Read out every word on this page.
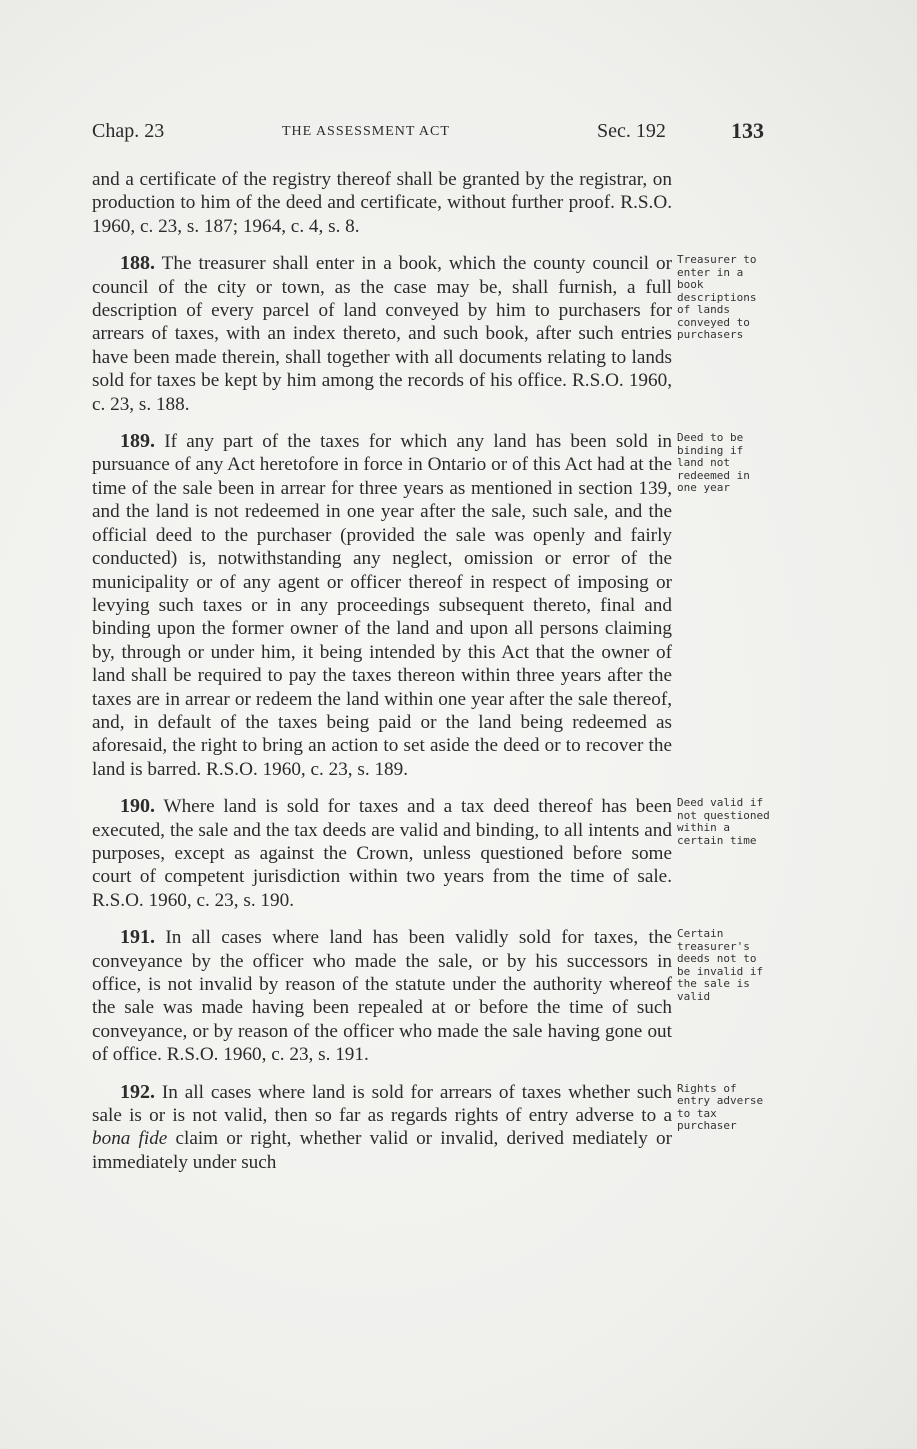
Chap. 23	THE ASSESSMENT ACT	Sec. 192	133

and a certificate of the registry thereof shall be granted by the registrar, on production to him of the deed and certificate, without further proof. R.S.O. 1960, c. 23, s. 187; 1964, c. 4, s. 8.

188. The treasurer shall enter in a book, which the county council or council of the city or town, as the case may be, shall furnish, a full description of every parcel of land conveyed by him to purchasers for arrears of taxes, with an index thereto, and such book, after such entries have been made therein, shall together with all documents relating to lands sold for taxes be kept by him among the records of his office. R.S.O. 1960, c. 23, s. 188.

189. If any part of the taxes for which any land has been sold in pursuance of any Act heretofore in force in Ontario or of this Act had at the time of the sale been in arrear for three years as mentioned in section 139, and the land is not redeemed in one year after the sale, such sale, and the official deed to the purchaser (provided the sale was openly and fairly conducted) is, notwithstanding any neglect, omission or error of the municipality or of any agent or officer thereof in respect of imposing or levying such taxes or in any proceedings subsequent thereto, final and binding upon the former owner of the land and upon all persons claiming by, through or under him, it being intended by this Act that the owner of land shall be required to pay the taxes thereon within three years after the taxes are in arrear or redeem the land within one year after the sale thereof, and, in default of the taxes being paid or the land being redeemed as aforesaid, the right to bring an action to set aside the deed or to recover the land is barred. R.S.O. 1960, c. 23, s. 189.

190. Where land is sold for taxes and a tax deed thereof has been executed, the sale and the tax deeds are valid and binding, to all intents and purposes, except as against the Crown, unless questioned before some court of competent jurisdiction within two years from the time of sale. R.S.O. 1960, c. 23, s. 190.

191. In all cases where land has been validly sold for taxes, the conveyance by the officer who made the sale, or by his successors in office, is not invalid by reason of the statute under the authority whereof the sale was made having been repealed at or before the time of such conveyance, or by reason of the officer who made the sale having gone out of office. R.S.O. 1960, c. 23, s. 191.

192. In all cases where land is sold for arrears of taxes whether such sale is or is not valid, then so far as regards rights of entry adverse to a bona fide claim or right, whether valid or invalid, derived mediately or immediately under such

Treasurer to enter in a book descriptions of lands conveyed to purchasers
Deed to be binding if land not redeemed in one year
Deed valid if not questioned within a certain time
Certain treasurer's deeds not to be invalid if the sale is valid
Rights of entry adverse to tax purchaser
